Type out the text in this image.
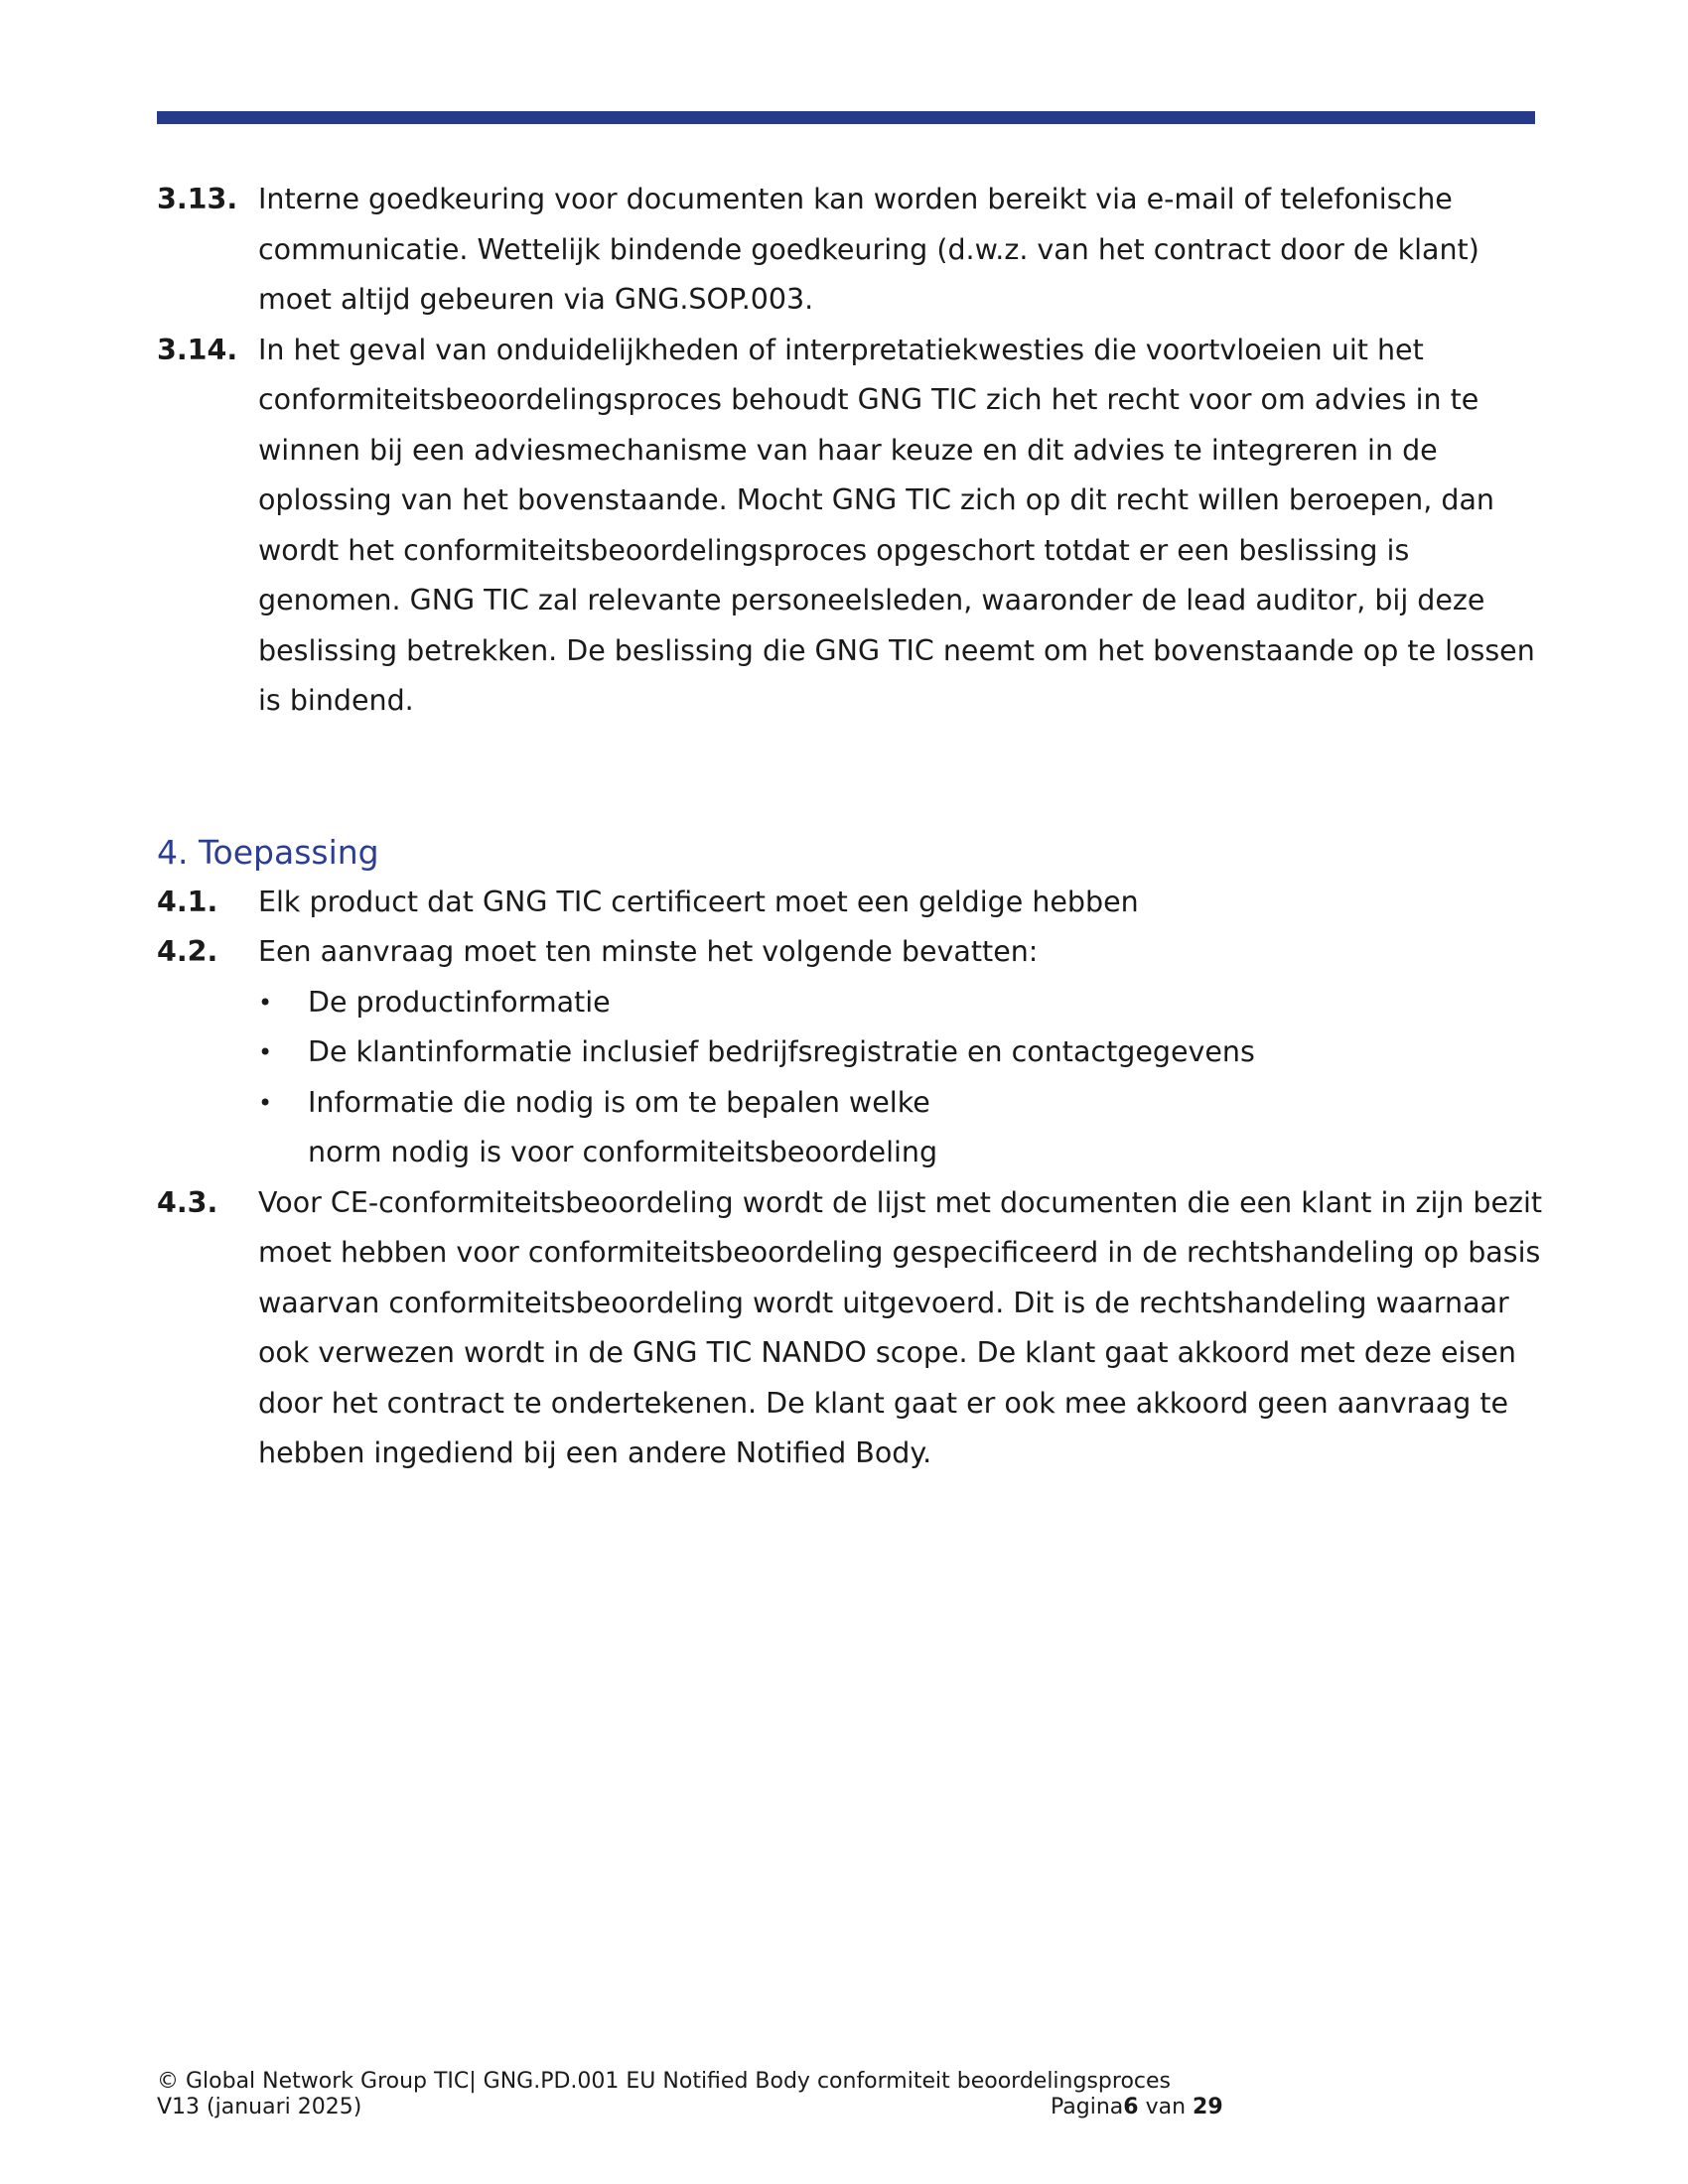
3.13. Interne goedkeuring voor documenten kan worden bereikt via e-mail of telefonische communicatie. Wettelijk bindende goedkeuring (d.w.z. van het contract door de klant) moet altijd gebeuren via GNG.SOP.003.
3.14. In het geval van onduidelijkheden of interpretatiekwesties die voortvloeien uit het conformiteitsbeoordelingsproces behoudt GNG TIC zich het recht voor om advies in te winnen bij een adviesmechanisme van haar keuze en dit advies te integreren in de oplossing van het bovenstaande. Mocht GNG TIC zich op dit recht willen beroepen, dan wordt het conformiteitsbeoordelingsproces opgeschort totdat er een beslissing is genomen. GNG TIC zal relevante personeelsleden, waaronder de lead auditor, bij deze beslissing betrekken. De beslissing die GNG TIC neemt om het bovenstaande op te lossen is bindend.
4. Toepassing
4.1. Elk product dat GNG TIC certificeert moet een geldige hebben
4.2. Een aanvraag moet ten minste het volgende bevatten:
• De productinformatie
• De klantinformatie inclusief bedrijfsregistratie en contactgegevens
• Informatie die nodig is om te bepalen welke norm nodig is voor conformiteitsbeoordeling
4.3. Voor CE-conformiteitsbeoordeling wordt de lijst met documenten die een klant in zijn bezit moet hebben voor conformiteitsbeoordeling gespecificeerd in de rechtshandeling op basis waarvan conformiteitsbeoordeling wordt uitgevoerd. Dit is de rechtshandeling waarnaar ook verwezen wordt in de GNG TIC NANDO scope. De klant gaat akkoord met deze eisen door het contract te ondertekenen. De klant gaat er ook mee akkoord geen aanvraag te hebben ingediend bij een andere Notified Body.
© Global Network Group TIC| GNG.PD.001 EU Notified Body conformiteit beoordelingsproces
V13 (januari 2025)	Pagina6 van 29
